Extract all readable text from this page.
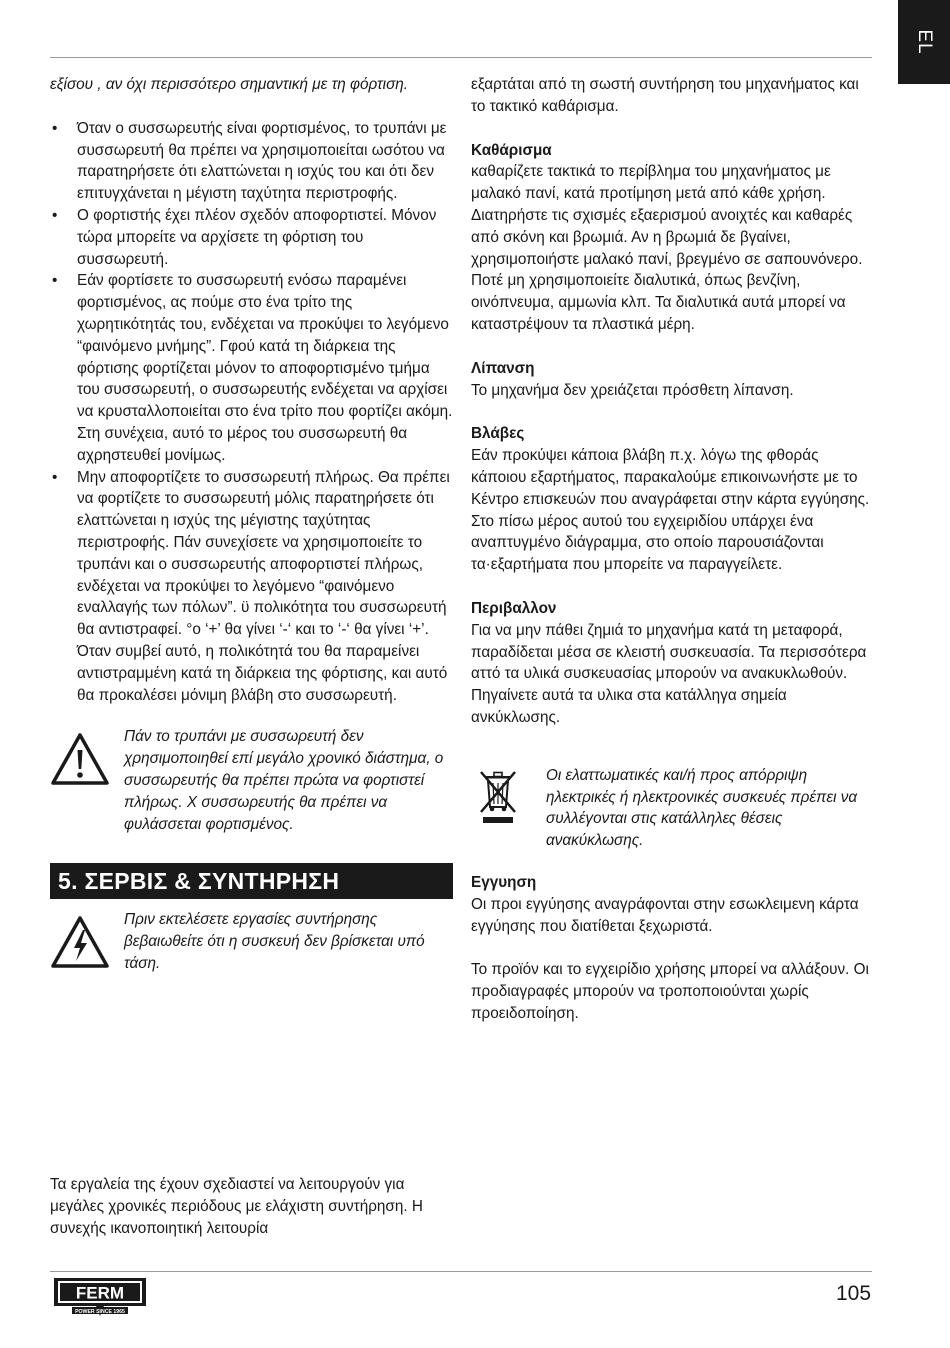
EL

εξίσου , αν όχι περισσότερο σημαντική με τη φόρτιση.

• Όταν ο συσσωρευτής είναι φορτισμένος, το τρυπάνι με συσσωρευτή θα πρέπει να χρησιμοποιείται ωσότου να παρατηρήσετε ότι ελαττώνεται η ισχύς του και ότι δεν επιτυγχάνεται η μέγιστη ταχύτητα περιστροφής.
• Ο φορτιστής έχει πλέον σχεδόν αποφορτιστεί. Μόνον τώρα μπορείτε να αρχίσετε τη φόρτιση του συσσωρευτή.
• Εάν φορτίσετε το συσσωρευτή ενόσω παραμένει φορτισμένος, ας πούμε στο ένα τρίτο της χωρητικότητάς του, ενδέχεται να προκύψει το λεγόμενο “φαινόμενο μνήμης”. Γφού κατά τη διάρκεια της φόρτισης φορτίζεται μόνον το αποφορτισμένο τμήμα του συσσωρευτή, ο συσσωρευτής ενδέχεται να αρχίσει να κρυσταλλοποιείται στο ένα τρίτο που φορτίζει ακόμη. Στη συνέχεια, αυτό το μέρος του συσσωρευτή θα αχρηστευθεί μονίμως.
• Μην αποφορτίζετε το συσσωρευτή πλήρως. Θα πρέπει να φορτίζετε το συσσωρευτή μόλις παρατηρήσετε ότι ελαττώνεται η ισχύς της μέγιστης ταχύτητας περιστροφής. Πάν συνεχίσετε να χρησιμοποιείτε το τρυπάνι και ο συσσωρευτής αποφορτιστεί πλήρως, ενδέχεται να προκύψει το λεγόμενο “φαινόμενο εναλλαγής των πόλων”. ϋ πολικότητα του συσσωρευτή θα αντιστραφεί. °ο ‘+’ θα γίνει ‘-‘ και το ‘-‘ θα γίνει ‘+’. Όταν συμβεί αυτό, η πολικότητά του θα παραμείνει αντιστραμμένη κατά τη διάρκεια της φόρτισης, και αυτό θα προκαλέσει μόνιμη βλάβη στο συσσωρευτή.

Πάν το τρυπάνι με συσσωρευτή δεν χρησιμοποιηθεί επί μεγάλο χρονικό διάστημα, ο συσσωρευτής θα πρέπει πρώτα να φορτιστεί πλήρως. Χ συσσωρευτής θα πρέπει να φυλάσσεται φορτισμένος.

5. ΣΕΡΒΙΣ & ΣΥΝΤΗΡΗΣΗ

Πριν εκτελέσετε εργασίες συντήρησης βεβαιωθείτε ότι η συσκευή δεν βρίσκεται υπό τάση.

Τα εργαλεία της έχουν σχεδιαστεί να λειτουργούν για μεγάλες χρονικές περιόδους με ελάχιστη συντήρηση. Η συνεχής ικανοποιητική λειτουρία

εξαρτάται από τη σωστή συντήρηση του μηχανήματος και το τακτικό καθάρισμα.

Καθάρισμα

καθαρίζετε τακτικά το περίβλημα του μηχανήματος με μαλακό πανί, κατά προτίμηση μετά από κάθε χρήση. Διατηρήστε τις σχισμές εξαερισμού ανοιχτές και καθαρές από σκόνη και βρωμιά. Αν η βρωμιά δε βγαίνει, χρησιμοποιήστε μαλακό πανί, βρεγμένο σε σαπουνόνερο. Ποτέ μη χρησιμοποιείτε διαλυτικά, όπως βενζίνη, οινόπνευμα, αμμωνία κλπ. Τα διαλυτικά αυτά μπορεί να καταστρέψουν τα πλαστικά μέρη.

Λίπανση

Το μηχανήμα δεν χρειάζεται πρόσθετη λίπανση.

Βλάβες

Εάν προκύψει κάποια βλάβη π.χ. λόγω της φθοράς κάποιου εξαρτήματος, παρακαλούμε επικοινωνήστε με το Κέντρο επισκευών που αναγράφεται στην κάρτα εγγύησης. Στο πίσω μέρος αυτού του εγχειριδίου υπάρχει ένα αναπτυγμένο διάγραμμα, στο οποίο παρουσιάζονται τα·εξαρτήματα που μπορείτε να παραγγείλετε.

Περιβαλλον

Για να μην πάθει ζημιά το μηχανήμα κατά τη μεταφορά, παραδίδεται μέσα σε κλειστή συσκευασία. Τα περισσότερα αττό τα υλικά συσκευασίας μπορούν να ανακυκλωθούν. Πηγαίνετε αυτά τα υλικα στα κατάλληγα σημεία ανκύκλωσης.

Οι ελαττωματικές και/ή προς απόρριψη ηλεκτρικές ή ηλεκτρονικές συσκευές πρέπει να συλλέγονται στις κατάλληλες θέσεις ανακύκλωσης.

Εγγυηση

Οι προι εγγύησης αναγράφονται στην εσωκλειμενη κάρτα εγγύησης που διατίθεται ξεχωριστά.

Το προϊόν και το εγχειρίδιο χρήσης μπορεί να αλλάξουν. Οι προδιαγραφές μπορούν να τροποποιούνται χωρίς προειδοποίηση.

FERM
POWER SINCE 1965
105
